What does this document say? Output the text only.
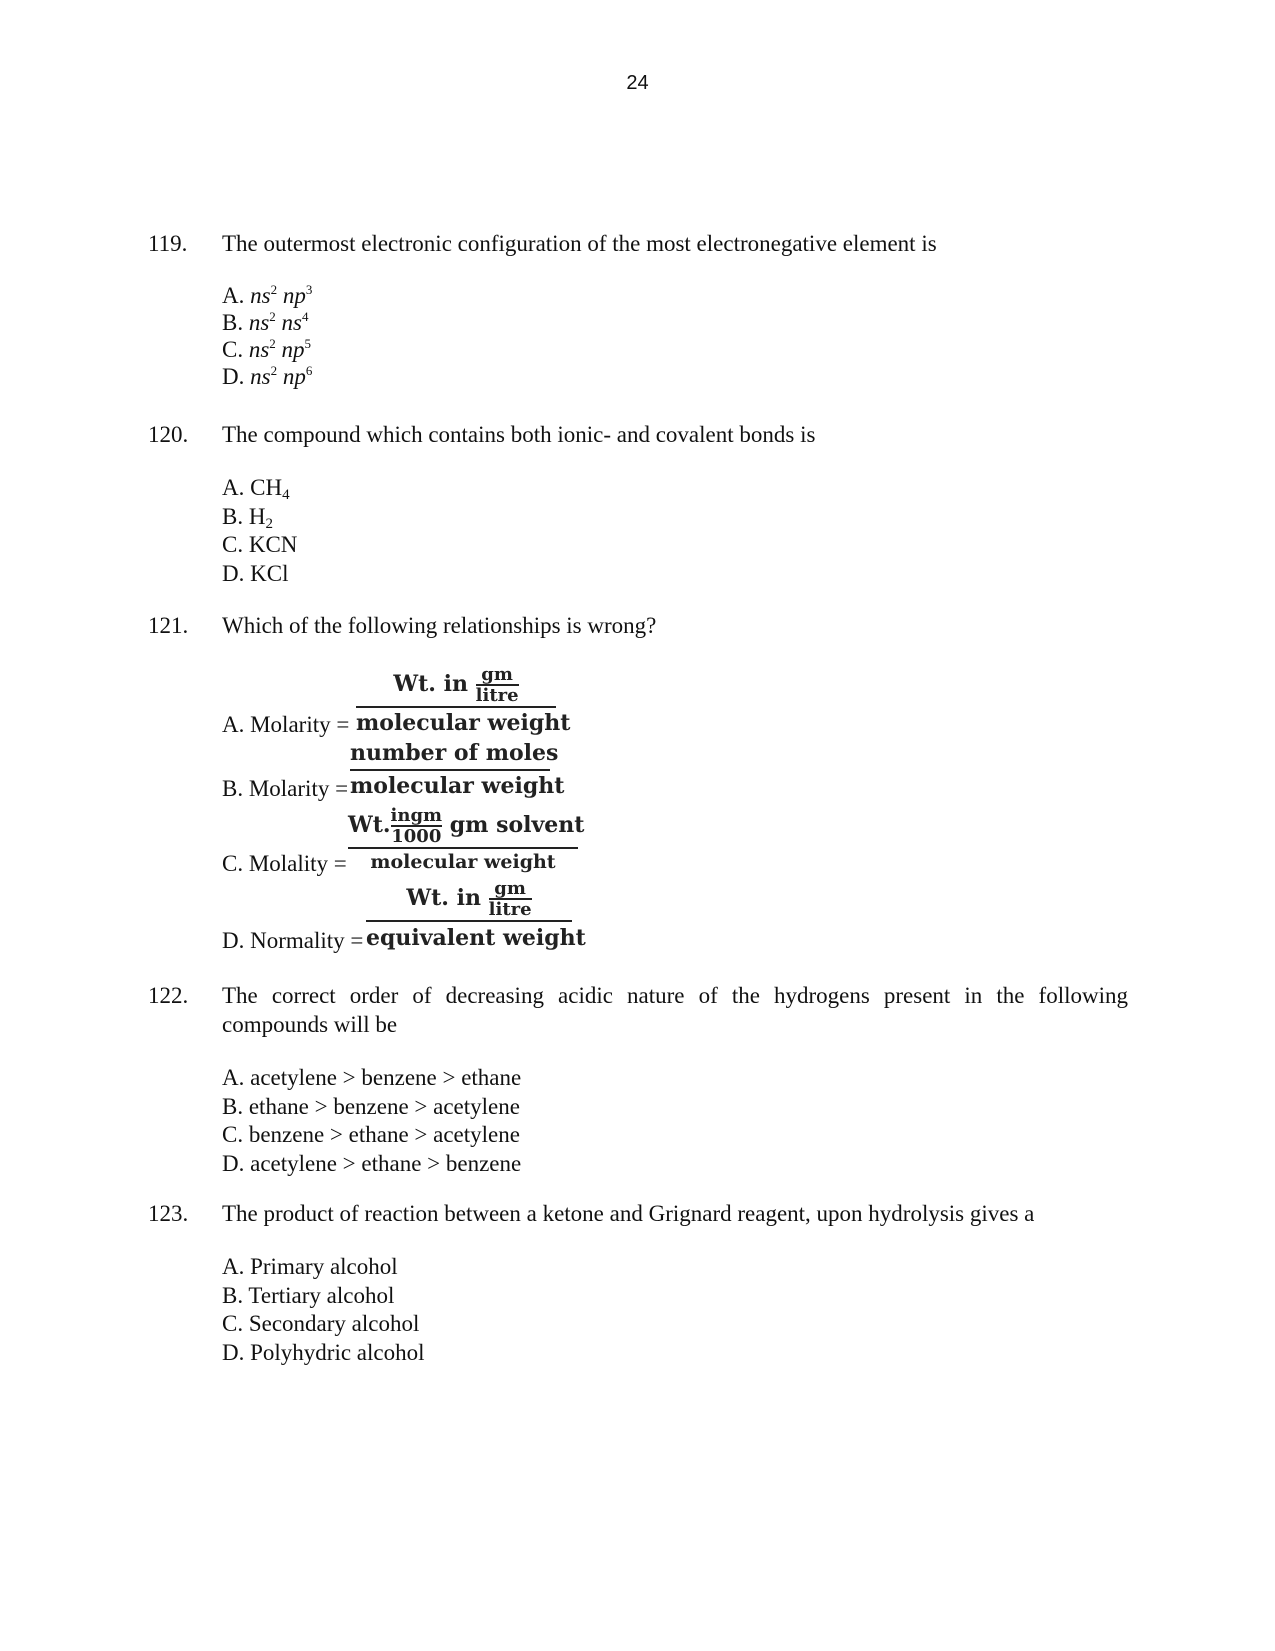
24
119.	The outermost electronic configuration of the most electronegative element is
A. $ns^2$ $np^3$
B. $ns^2$ $ns^4$
C. $ns^2$ $np^5$
D. $ns^2$ $np^6$
120.	The compound which contains both ionic- and covalent bonds is
A. $CH_4$
B. $H_2$
C. KCN
D. KCl
121.	Which of the following relationships is wrong?
A. Molarity =
Wt. in gm
litre
molecular weight
B. Molarity =
number of moles
molecular weight
C. Molality =
Wt. ingm
1000 gm solvent
molecular weight
D. Normality =
Wt. in gm
litre
equivalent weight
122.	The correct order of decreasing acidic nature of the hydrogens present in the following compounds will be
A. acetylene > benzene > ethane
B. ethane > benzene > acetylene
C. benzene > ethane > acetylene
D. acetylene > ethane > benzene
123.	The product of reaction between a ketone and Grignard reagent, upon hydrolysis gives a
A. Primary alcohol
B. Tertiary alcohol
C. Secondary alcohol
D. Polyhydric alcohol
